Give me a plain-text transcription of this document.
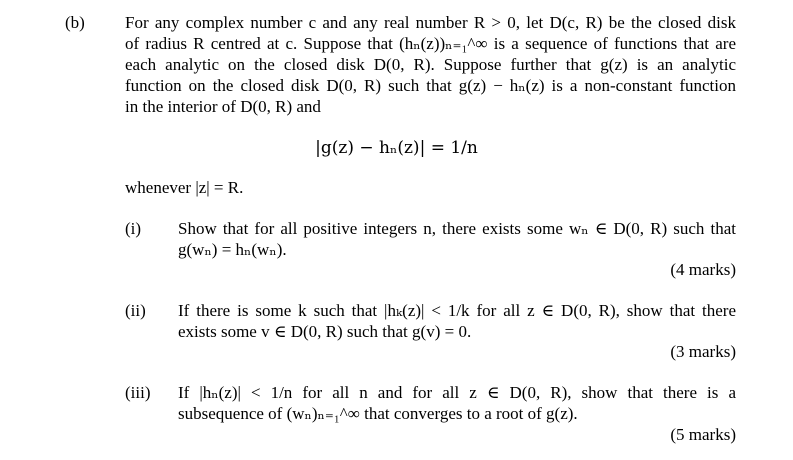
(b) For any complex number c and any real number R > 0, let D(c, R) be the closed disk
of radius R centred at c. Suppose that (hₙ(z))ₙ₌₁^∞ is a sequence of functions that are
each analytic on the closed disk D(0, R). Suppose further that g(z) is an analytic
function on the closed disk D(0, R) such that g(z) − hₙ(z) is a non-constant function
in the interior of D(0, R) and
|g(z) − hₙ(z)| = 1/n
whenever |z| = R.
(i) Show that for all positive integers n, there exists some wₙ ∈ D(0, R) such that
g(wₙ) = hₙ(wₙ).
(4 marks)
(ii) If there is some k such that |hₖ(z)| < 1/k for all z ∈ D(0, R), show that there
exists some v ∈ D(0, R) such that g(v) = 0.
(3 marks)
(iii) If |hₙ(z)| < 1/n for all n and for all z ∈ D(0, R), show that there is a
subsequence of (wₙ)ₙ₌₁^∞ that converges to a root of g(z).
(5 marks)
